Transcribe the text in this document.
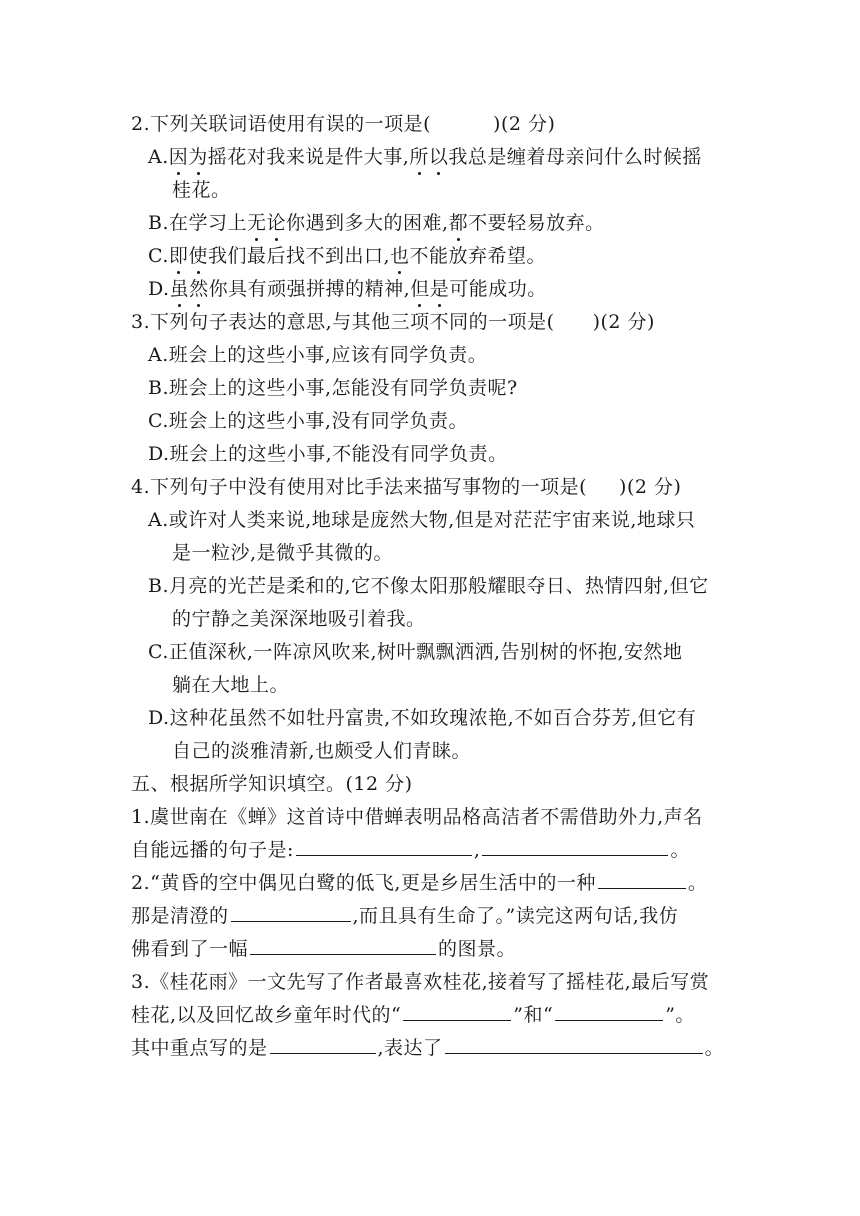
2.下列关联词语使用有误的一项是(	)(2 分)
A.因为摇花对我来说是件大事,所以我总是缠着母亲问什么时候摇
桂花。
B.在学习上无论你遇到多大的困难,都不要轻易放弃。
C.即使我们最后找不到出口,也不能放弃希望。
D.虽然你具有顽强拼搏的精神,但是可能成功。
3.下列句子表达的意思,与其他三项不同的一项是( )(2 分)
A.班会上的这些小事,应该有同学负责。
B.班会上的这些小事,怎能没有同学负责呢?
C.班会上的这些小事,没有同学负责。
D.班会上的这些小事,不能没有同学负责。
4.下列句子中没有使用对比手法来描写事物的一项是( )(2 分)
A.或许对人类来说,地球是庞然大物,但是对茫茫宇宙来说,地球只
是一粒沙,是微乎其微的。
B.月亮的光芒是柔和的,它不像太阳那般耀眼夺日、热情四射,但它
的宁静之美深深地吸引着我。
C.正值深秋,一阵凉风吹来,树叶飘飘洒洒,告别树的怀抱,安然地
躺在大地上。
D.这种花虽然不如牡丹富贵,不如玫瑰浓艳,不如百合芬芳,但它有
自己的淡雅清新,也颇受人们青睐。
五、根据所学知识填空。(12 分)
1.虞世南在《蝉》这首诗中借蝉表明品格高洁者不需借助外力,声名
自能远播的句子是:	,	。
2.“黄昏的空中偶见白鹭的低飞,更是乡居生活中的一种	。
那是清澄的	,而且具有生命了。”读完这两句话,我仿
佛看到了一幅	的图景。
3.《桂花雨》一文先写了作者最喜欢桂花,接着写了摇桂花,最后写赏
桂花,以及回忆故乡童年时代的“	”和“	”。
其中重点写的是	,表达了	。
